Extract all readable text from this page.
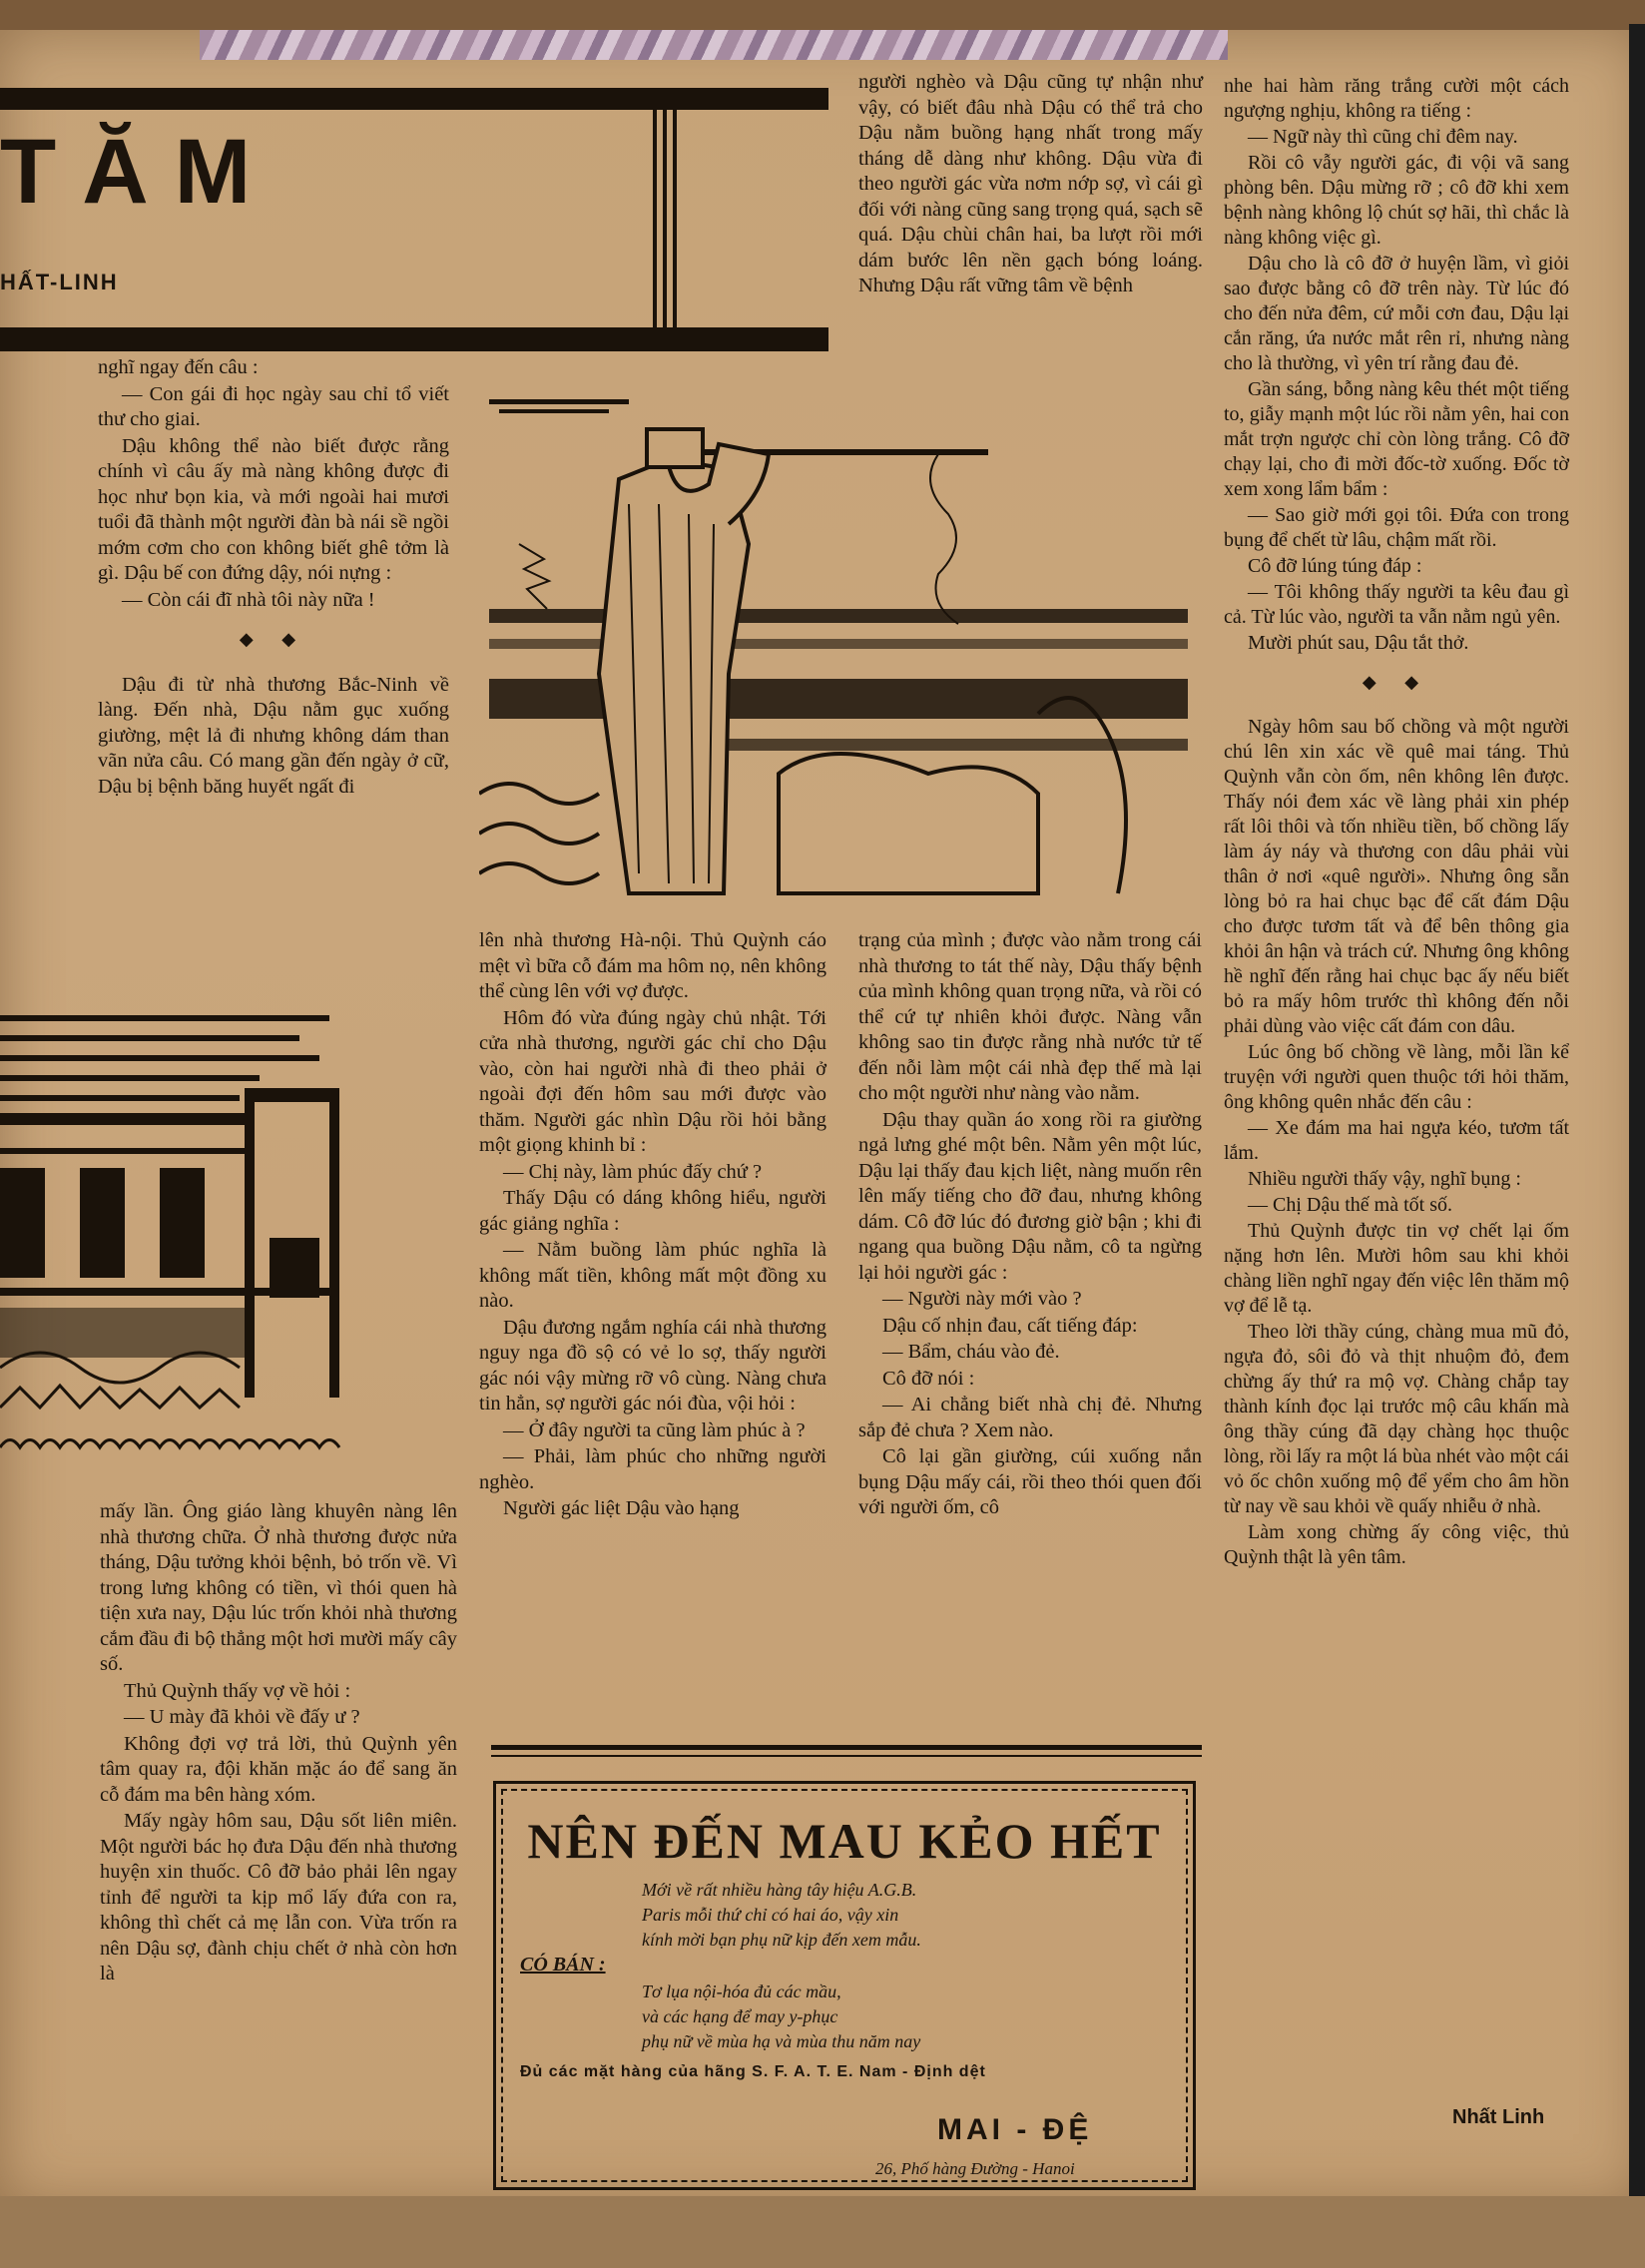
TĂM
HẤT-LINH

nghĩ ngay đến câu :

— Con gái đi học ngày sau chỉ tổ viết thư cho giai.

Dậu không thể nào biết được rằng chính vì câu ấy mà nàng không được đi học như bọn kia, và mới ngoài hai mươi tuổi đã thành một người đàn bà nái sề ngồi mớm cơm cho con không biết ghê tởm là gì. Dậu bế con đứng dậy, nói nựng :

— Còn cái đĩ nhà tôi này nữa !

◆ ◆

Dậu đi từ nhà thương Bắc-Ninh về làng. Đến nhà, Dậu nằm gục xuống giường, mệt lả đi nhưng không dám than vãn nửa câu. Có mang gần đến ngày ở cữ, Dậu bị bệnh băng huyết ngất đi

mấy lần. Ông giáo làng khuyên nàng lên nhà thương chữa. Ở nhà thương được nửa tháng, Dậu tưởng khỏi bệnh, bỏ trốn về. Vì trong lưng không có tiền, vì thói quen hà tiện xưa nay, Dậu lúc trốn khỏi nhà thương cắm đầu đi bộ thẳng một hơi mười mấy cây số.

Thủ Quỳnh thấy vợ về hỏi :

— U mày đã khỏi về đấy ư ?

Không đợi vợ trả lời, thủ Quỳnh yên tâm quay ra, đội khăn mặc áo để sang ăn cỗ đám ma bên hàng xóm.

Mấy ngày hôm sau, Dậu sốt liên miên. Một người bác họ đưa Dậu đến nhà thương huyện xin thuốc. Cô đỡ bảo phải lên ngay tỉnh để người ta kịp mổ lấy đứa con ra, không thì chết cả mẹ lẫn con. Vừa trốn ra nên Dậu sợ, đành chịu chết ở nhà còn hơn là

người nghèo và Dậu cũng tự nhận như vậy, có biết đâu nhà Dậu có thể trả cho Dậu nằm buồng hạng nhất trong mấy tháng dễ dàng như không. Dậu vừa đi theo người gác vừa nơm nớp sợ, vì cái gì đối với nàng cũng sang trọng quá, sạch sẽ quá. Dậu chùi chân hai, ba lượt rồi mới dám bước lên nền gạch bóng loáng. Nhưng Dậu rất vững tâm về bệnh

lên nhà thương Hà-nội. Thủ Quỳnh cáo mệt vì bữa cỗ đám ma hôm nọ, nên không thể cùng lên với vợ được.

Hôm đó vừa đúng ngày chủ nhật. Tới cửa nhà thương, người gác chỉ cho Dậu vào, còn hai người nhà đi theo phải ở ngoài đợi đến hôm sau mới được vào thăm. Người gác nhìn Dậu rồi hỏi bằng một giọng khinh bỉ :

— Chị này, làm phúc đấy chứ ?

Thấy Dậu có dáng không hiểu, người gác giảng nghĩa :

— Nằm buồng làm phúc nghĩa là không mất tiền, không mất một đồng xu nào.

Dậu đương ngắm nghía cái nhà thương nguy nga đồ sộ có vẻ lo sợ, thấy người gác nói vậy mừng rỡ vô cùng. Nàng chưa tin hẳn, sợ người gác nói đùa, vội hỏi :

— Ở đây người ta cũng làm phúc à ?

— Phải, làm phúc cho những người nghèo.

Người gác liệt Dậu vào hạng

trạng của mình ; được vào nằm trong cái nhà thương to tát thế này, Dậu thấy bệnh của mình không quan trọng nữa, và rồi có thể cứ tự nhiên khỏi được. Nàng vẫn không sao tin được rằng nhà nước tử tế đến nỗi làm một cái nhà đẹp thế mà lại cho một người như nàng vào nằm.

Dậu thay quần áo xong rồi ra giường ngả lưng ghé một bên. Nằm yên một lúc, Dậu lại thấy đau kịch liệt, nàng muốn rên lên mấy tiếng cho đỡ đau, nhưng không dám. Cô đỡ lúc đó đương giờ bận ; khi đi ngang qua buồng Dậu nằm, cô ta ngừng lại hỏi người gác :

— Người này mới vào ?

Dậu cố nhịn đau, cất tiếng đáp:

— Bẩm, cháu vào đẻ.

Cô đỡ nói :

— Ai chẳng biết nhà chị đẻ. Nhưng sắp đẻ chưa ? Xem nào.

Cô lại gần giường, cúi xuống nắn bụng Dậu mấy cái, rồi theo thói quen đối với người ốm, cô

NÊN ĐẾN MAU KẺO HẾT
Mới về rất nhiều hàng tây hiệu A.G.B.
Paris mỗi thứ chỉ có hai áo, vậy xin
kính mời bạn phụ nữ kịp đến xem mẫu.
CÓ BÁN :
Tơ lụa nội-hóa đủ các mầu,
và các hạng để may y-phục
phụ nữ về mùa hạ và mùa thu năm nay
Đủ các mặt hàng của hãng S. F. A. T. E. Nam - Định dệt
MAI - ĐỆ
26, Phố hàng Đường - Hanoi

nhe hai hàm răng trắng cười một cách ngượng nghịu, không ra tiếng :

— Ngữ này thì cũng chỉ đêm nay.

Rồi cô vẫy người gác, đi vội vã sang phòng bên. Dậu mừng rỡ ; cô đỡ khi xem bệnh nàng không lộ chút sợ hãi, thì chắc là nàng không việc gì.

Dậu cho là cô đỡ ở huyện lầm, vì giỏi sao được bằng cô đỡ trên này. Từ lúc đó cho đến nửa đêm, cứ mỗi cơn đau, Dậu lại cắn răng, ứa nước mắt rên rỉ, nhưng nàng cho là thường, vì yên trí rằng đau đẻ.

Gần sáng, bỗng nàng kêu thét một tiếng to, giẫy mạnh một lúc rồi nằm yên, hai con mắt trợn ngược chỉ còn lòng trắng. Cô đỡ chạy lại, cho đi mời đốc-tờ xuống. Đốc tờ xem xong lẩm bẩm :

— Sao giờ mới gọi tôi. Đứa con trong bụng để chết từ lâu, chậm mất rồi.

Cô đỡ lúng túng đáp :

— Tôi không thấy người ta kêu đau gì cả. Từ lúc vào, người ta vẫn nằm ngủ yên.

Mười phút sau, Dậu tắt thở.

◆ ◆

Ngày hôm sau bố chồng và một người chú lên xin xác về quê mai táng. Thủ Quỳnh vẫn còn ốm, nên không lên được. Thấy nói đem xác về làng phải xin phép rất lôi thôi và tốn nhiều tiền, bố chồng lấy làm áy náy và thương con dâu phải vùi thân ở nơi «quê người». Nhưng ông sẵn lòng bỏ ra hai chục bạc để cất đám Dậu cho được tươm tất và để bên thông gia khỏi ân hận và trách cứ. Nhưng ông không hề nghĩ đến rằng hai chục bạc ấy nếu biết bỏ ra mấy hôm trước thì không đến nỗi phải dùng vào việc cất đám con dâu.

Lúc ông bố chồng về làng, mỗi lần kể truyện với người quen thuộc tới hỏi thăm, ông không quên nhắc đến câu :

— Xe đám ma hai ngựa kéo, tươm tất lắm.

Nhiều người thấy vậy, nghĩ bụng :

— Chị Dậu thế mà tốt số.

Thủ Quỳnh được tin vợ chết lại ốm nặng hơn lên. Mười hôm sau khi khỏi chàng liền nghĩ ngay đến việc lên thăm mộ vợ để lễ tạ.

Theo lời thầy cúng, chàng mua mũ đỏ, ngựa đỏ, sôi đỏ và thịt nhuộm đỏ, đem chừng ấy thứ ra mộ vợ. Chàng chắp tay thành kính đọc lại trước mộ câu khấn mà ông thầy cúng đã dạy chàng học thuộc lòng, rồi lấy ra một lá bùa nhét vào một cái vỏ ốc chôn xuống mộ để yểm cho âm hồn từ nay về sau khỏi về quấy nhiễu ở nhà.

Làm xong chừng ấy công việc, thủ Quỳnh thật là yên tâm.

Nhất Linh
